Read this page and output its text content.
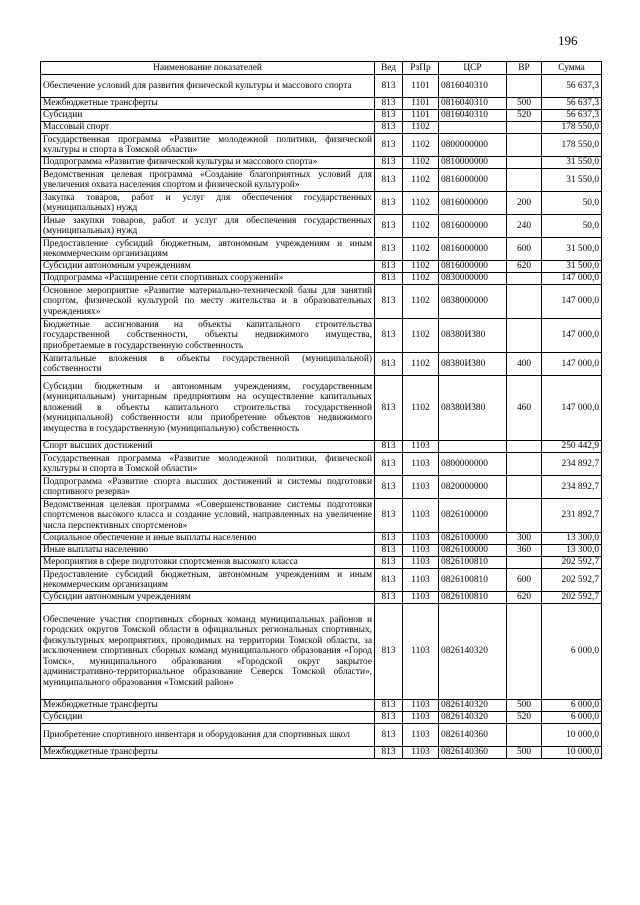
196
Наименование показателей	Вед	РзПр	ЦСР	ВР	Сумма
Обеспечение условий для развития физической культуры и массового спорта	813	1101	0816040310		56 637,3
Межбюджетные трансферты	813	1101	0816040310	500	56 637,3
Субсидии	813	1101	0816040310	520	56 637,3
Массовый спорт	813	1102			178 550,0
Государственная программа «Развитие молодежной политики, физической культуры и спорта в Томской области»	813	1102	0800000000		178 550,0
Подпрограмма «Развитие физической культуры и массового спорта»	813	1102	0810000000		31 550,0
Ведомственная целевая программа «Создание благоприятных условий для увеличения охвата населения спортом и физической культурой»	813	1102	0816000000		31 550,0
Закупка товаров, работ и услуг для обеспечения государственных (муниципальных) нужд	813	1102	0816000000	200	50,0
Иные закупки товаров, работ и услуг для обеспечения государственных (муниципальных) нужд	813	1102	0816000000	240	50,0
Предоставление субсидий бюджетным, автономным учреждениям и иным некоммерческим организациям	813	1102	0816000000	600	31 500,0
Субсидии автономным учреждениям	813	1102	0816000000	620	31 500,0
Подпрограмма «Расширение сети спортивных сооружений»	813	1102	0830000000		147 000,0
Основное мероприятие «Развитие материально-технической базы для занятий спортом, физической культурой по месту жительства и в образовательных учреждениях»	813	1102	0838000000		147 000,0
Бюджетные ассигнования на объекты капитального строительства государственной собственности, объекты недвижимого имущества, приобретаемые в государственную собственность	813	1102	08380И380		147 000,0
Капитальные вложения в объекты государственной (муниципальной) собственности	813	1102	08380И380	400	147 000,0
Субсидии бюджетным и автономным учреждениям, государственным (муниципальным) унитарным предприятиям на осуществление капитальных вложений в объекты капитального строительства государственной (муниципальной) собственности или приобретение объектов недвижимого имущества в государственную (муниципальную) собственность	813	1102	08380И380	460	147 000,0
Спорт высших достижений	813	1103			250 442,9
Государственная программа «Развитие молодежной политики, физической культуры и спорта в Томской области»	813	1103	0800000000		234 892,7
Подпрограмма «Развитие спорта высших достижений и системы подготовки спортивного резерва»	813	1103	0820000000		234 892,7
Ведомственная целевая программа «Совершенствование системы подготовки спортсменов высокого класса и создание условий, направленных на увеличение числа перспективных спортсменов»	813	1103	0826100000		231 892,7
Социальное обеспечение и иные выплаты населению	813	1103	0826100000	300	13 300,0
Иные выплаты населению	813	1103	0826100000	360	13 300,0
Мероприятия в сфере подготовки спортсменов высокого класса	813	1103	0826100810		202 592,7
Предоставление субсидий бюджетным, автономным учреждениям и иным некоммерческим организациям	813	1103	0826100810	600	202 592,7
Субсидии автономным учреждениям	813	1103	0826100810	620	202 592,7
Обеспечение участия спортивных сборных команд муниципальных районов и городских округов Томской области в официальных региональных спортивных, физкультурных мероприятиях, проводимых на территории Томской области, за исключением спортивных сборных команд муниципального образования «Город Томск», муниципального образования «Городской округ закрытое административно-территориальное образование Северск Томской области», муниципального образования «Томский район»	813	1103	0826140320		6 000,0
Межбюджетные трансферты	813	1103	0826140320	500	6 000,0
Субсидии	813	1103	0826140320	520	6 000,0
Приобретение спортивного инвентаря и оборудования для спортивных школ	813	1103	0826140360		10 000,0
Межбюджетные трансферты	813	1103	0826140360	500	10 000,0
